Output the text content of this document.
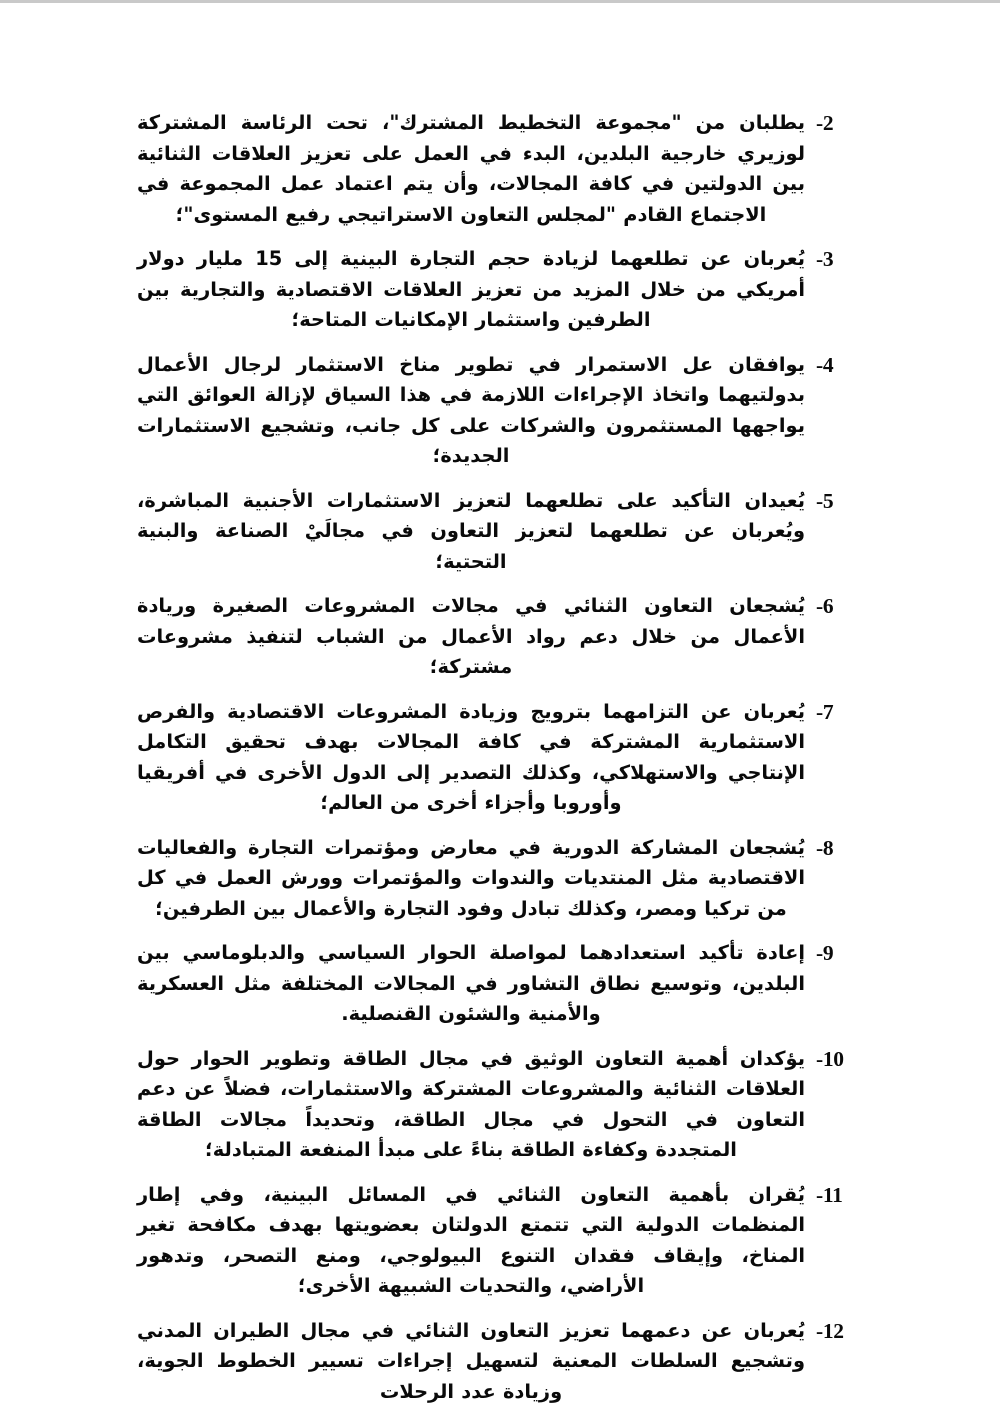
-2
يطلبان من "مجموعة التخطيط المشترك"، تحت الرئاسة المشتركة لوزيري خارجية البلدين، البدء في العمل على تعزيز العلاقات الثنائية بين الدولتين في كافة المجالات، وأن يتم اعتماد عمل المجموعة في الاجتماع القادم "لمجلس التعاون الاستراتيجي رفيع المستوى"؛
-3
يُعربان عن تطلعهما لزيادة حجم التجارة البينية إلى 15 مليار دولار أمريكي من خلال المزيد من تعزيز العلاقات الاقتصادية والتجارية بين الطرفين واستثمار الإمكانيات المتاحة؛
-4
يوافقان عل الاستمرار في تطوير مناخ الاستثمار لرجال الأعمال بدولتيهما واتخاذ الإجراءات اللازمة في هذا السياق لإزالة العوائق التي يواجهها المستثمرون والشركات على كل جانب، وتشجيع الاستثمارات الجديدة؛
-5
يُعيدان التأكيد على تطلعهما لتعزيز الاستثمارات الأجنبية المباشرة، ويُعربان عن تطلعهما لتعزيز التعاون في مجالَيْ الصناعة والبنية التحتية؛
-6
يُشجعان التعاون الثنائي في مجالات المشروعات الصغيرة وريادة الأعمال من خلال دعم رواد الأعمال من الشباب لتنفيذ مشروعات مشتركة؛
-7
يُعربان عن التزامهما بترويج وزيادة المشروعات الاقتصادية والفرص الاستثمارية المشتركة في كافة المجالات بهدف تحقيق التكامل الإنتاجي والاستهلاكي، وكذلك التصدير إلى الدول الأخرى في أفريقيا وأوروبا وأجزاء أخرى من العالم؛
-8
يُشجعان المشاركة الدورية في معارض ومؤتمرات التجارة والفعاليات الاقتصادية مثل المنتديات والندوات والمؤتمرات وورش العمل في كل من تركيا ومصر، وكذلك تبادل وفود التجارة والأعمال بين الطرفين؛
-9
إعادة تأكيد استعدادهما لمواصلة الحوار السياسي والدبلوماسي بين البلدين، وتوسيع نطاق التشاور في المجالات المختلفة مثل العسكرية والأمنية والشئون القنصلية.
-10
يؤكدان أهمية التعاون الوثيق في مجال الطاقة وتطوير الحوار حول العلاقات الثنائية والمشروعات المشتركة والاستثمارات، فضلاً عن دعم التعاون في التحول في مجال الطاقة، وتحديداً مجالات الطاقة المتجددة وكفاءة الطاقة بناءً على مبدأ المنفعة المتبادلة؛
-11
يُقران بأهمية التعاون الثنائي في المسائل البينية، وفي إطار المنظمات الدولية التي تتمتع الدولتان بعضويتها بهدف مكافحة تغير المناخ، وإيقاف فقدان التنوع البيولوجي، ومنع التصحر، وتدهور الأراضي، والتحديات الشبيهة الأخرى؛
-12
يُعربان عن دعمهما تعزيز التعاون الثنائي في مجال الطيران المدني وتشجيع السلطات المعنية لتسهيل إجراءات تسيير الخطوط الجوية، وزيادة عدد الرحلات
